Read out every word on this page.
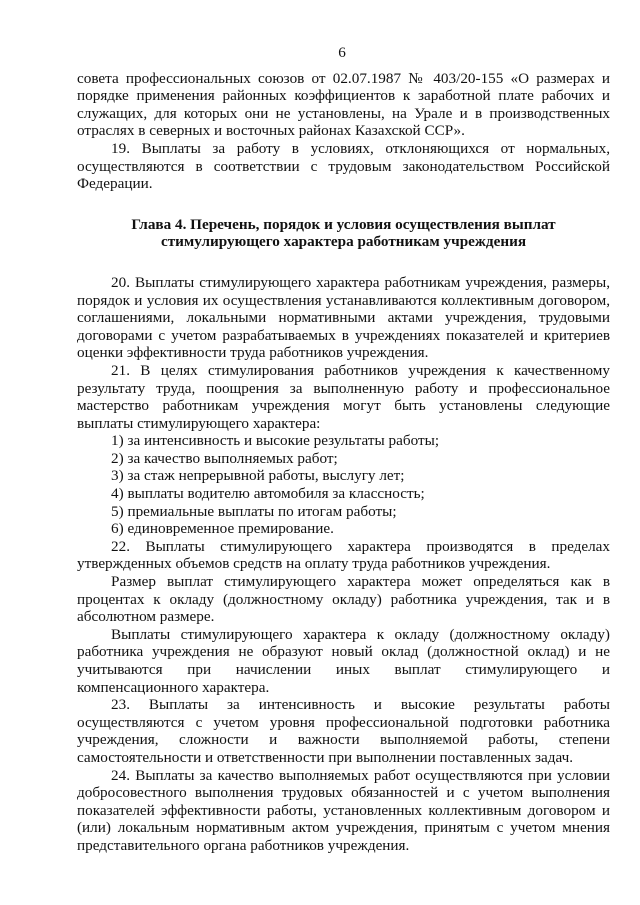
6

совета профессиональных союзов от 02.07.1987 № 403/20-155 «О размерах и порядке применения районных коэффициентов к заработной плате рабочих и служащих, для которых они не установлены, на Урале и в производственных отраслях в северных и восточных районах Казахской ССР».

19. Выплаты за работу в условиях, отклоняющихся от нормальных, осуществляются в соответствии с трудовым законодательством Российской Федерации.

Глава 4. Перечень, порядок и условия осуществления выплат
стимулирующего характера работникам учреждения

20. Выплаты стимулирующего характера работникам учреждения, размеры, порядок и условия их осуществления устанавливаются коллективным договором, соглашениями, локальными нормативными актами учреждения, трудовыми договорами с учетом разрабатываемых в учреждениях показателей и критериев оценки эффективности труда работников учреждения.

21. В целях стимулирования работников учреждения к качественному результату труда, поощрения за выполненную работу и профессиональное мастерство работникам учреждения могут быть установлены следующие выплаты стимулирующего характера:

1) за интенсивность и высокие результаты работы;
2) за качество выполняемых работ;
3) за стаж непрерывной работы, выслугу лет;
4) выплаты водителю автомобиля за классность;
5) премиальные выплаты по итогам работы;
6) единовременное премирование.

22. Выплаты стимулирующего характера производятся в пределах утвержденных объемов средств на оплату труда работников учреждения.

Размер выплат стимулирующего характера может определяться как в процентах к окладу (должностному окладу) работника учреждения, так и в абсолютном размере.

Выплаты стимулирующего характера к окладу (должностному окладу) работника учреждения не образуют новый оклад (должностной оклад) и не учитываются при начислении иных выплат стимулирующего и компенсационного характера.

23. Выплаты за интенсивность и высокие результаты работы осуществляются с учетом уровня профессиональной подготовки работника учреждения, сложности и важности выполняемой работы, степени самостоятельности и ответственности при выполнении поставленных задач.

24. Выплаты за качество выполняемых работ осуществляются при условии добросовестного выполнения трудовых обязанностей и с учетом выполнения показателей эффективности работы, установленных коллективным договором и (или) локальным нормативным актом учреждения, принятым с учетом мнения представительного органа работников учреждения.
